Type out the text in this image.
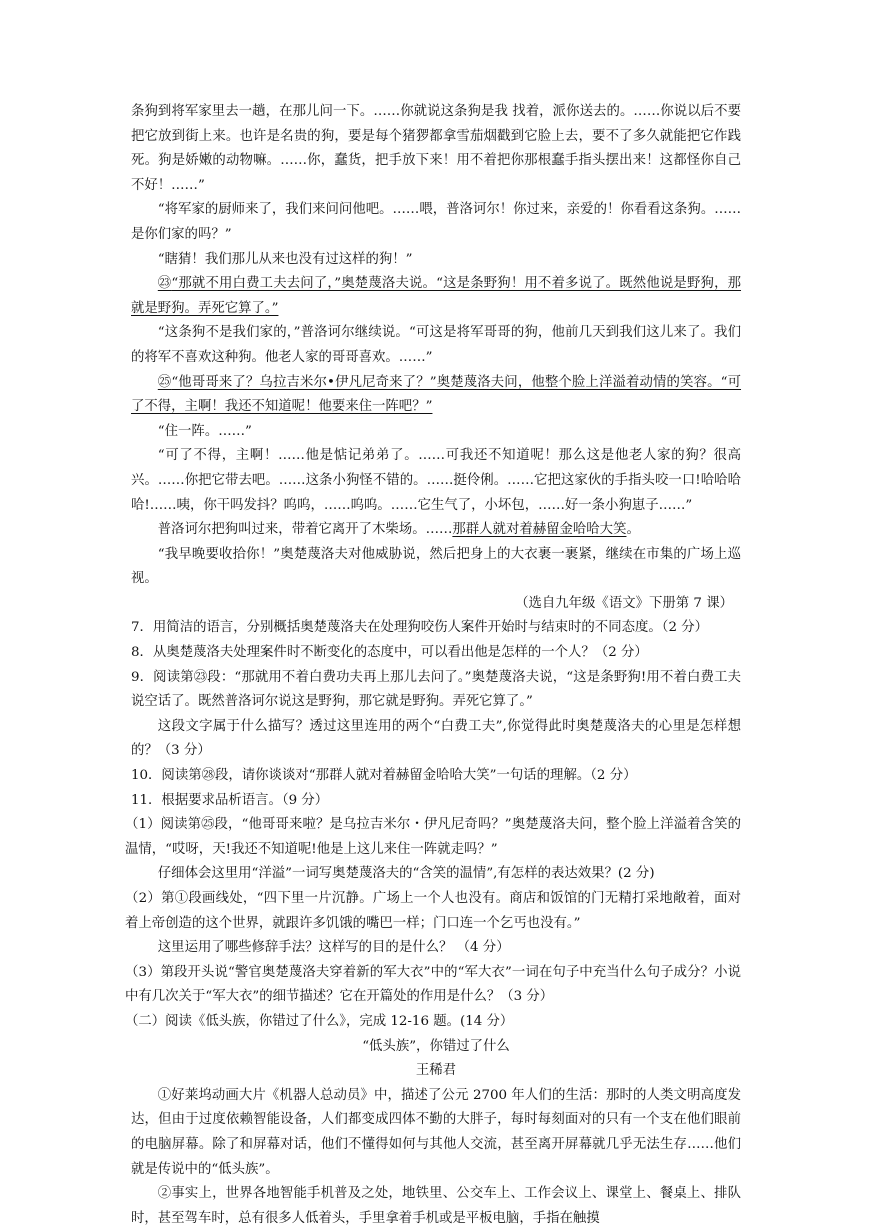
条狗到将军家里去一趟，在那儿问一下。……你就说这条狗是我 找着，派你送去的。……你说以后不要把它放到街上来。也许是名贵的狗，要是每个猪猡都拿雪茄烟戳到它脸上去，要不了多久就能把它作践死。狗是娇嫩的动物嘛。……你，蠢货，把手放下来！用不着把你那根蠢手指头摆出来！这都怪你自己不好！……”

“将军家的厨师来了，我们来问问他吧。……喂，普洛诃尔！你过来，亲爱的！你看看这条狗。……是你们家的吗？”

“瞎猜！我们那儿从来也没有过这样的狗！”

㉓“那就不用白费工夫去问了，”奥楚蔑洛夫说。“这是条野狗！用不着多说了。既然他说是野狗，那就是野狗。弄死它算了。”

“这条狗不是我们家的，”普洛诃尔继续说。“可这是将军哥哥的狗，他前几天到我们这儿来了。我们的将军不喜欢这种狗。他老人家的哥哥喜欢。……”

㉕“他哥哥来了？乌拉吉米尔•伊凡尼奇来了？”奥楚蔑洛夫问，他整个脸上洋溢着动情的笑容。“可了不得，主啊！我还不知道呢！他要来住一阵吧？”

“住一阵。……”

“可了不得，主啊！……他是惦记弟弟了。……可我还不知道呢！那么这是他老人家的狗？很高兴。……你把它带去吧。……这条小狗怪不错的。……挺伶俐。……它把这家伙的手指头咬一口!哈哈哈哈!……咦，你干吗发抖？呜呜，……呜呜。……它生气了，小坏包，……好一条小狗崽子……”

普洛诃尔把狗叫过来，带着它离开了木柴场。……那群人就对着赫留金哈哈大笑。

“我早晚要收拾你！”奥楚蔑洛夫对他威胁说，然后把身上的大衣裹一裹紧，继续在市集的广场上巡视。

（选自九年级《语文》下册第 7 课）

7．用简洁的语言，分别概括奥楚蔑洛夫在处理狗咬伤人案件开始时与结束时的不同态度。（2 分）

8．从奥楚蔑洛夫处理案件时不断变化的态度中，可以看出他是怎样的一个人？（2 分）

9．阅读第㉓段：“那就用不着白费功夫再上那儿去问了。”奥楚蔑洛夫说，“这是条野狗!用不着白费工夫说空话了。既然普洛诃尔说这是野狗，那它就是野狗。弄死它算了。”

这段文字属于什么描写？透过这里连用的两个“白费工夫”,你觉得此时奥楚蔑洛夫的心里是怎样想的？（3 分）

10．阅读第㉘段，请你谈谈对“那群人就对着赫留金哈哈大笑”一句话的理解。（2 分）

11．根据要求品析语言。（9 分）

（1）阅读第㉕段，“他哥哥来啦？是乌拉吉米尔・伊凡尼奇吗？”奥楚蔑洛夫问，整个脸上洋溢着含笑的温情，“哎呀，天!我还不知道呢!他是上这儿来住一阵就走吗？”

仔细体会这里用“洋溢”一词写奥楚蔑洛夫的“含笑的温情”,有怎样的表达效果？(2 分)

（2）第①段画线处，“四下里一片沉静。广场上一个人也没有。商店和饭馆的门无精打采地敞着，面对着上帝创造的这个世界，就跟许多饥饿的嘴巴一样；门口连一个乞丐也没有。”

这里运用了哪些修辞手法？这样写的目的是什么？ （4 分）

（3）第段开头说“警官奥楚蔑洛夫穿着新的军大衣”中的“军大衣”一词在句子中充当什么句子成分？小说中有几次关于“军大衣”的细节描述？它在开篇处的作用是什么？（3 分）

（二）阅读《低头族，你错过了什么》，完成 12-16 题。(14 分）

“低头族”，你错过了什么

王稀君

①好莱坞动画大片《机器人总动员》中，描述了公元 2700 年人们的生活：那时的人类文明高度发达，但由于过度依赖智能设备，人们都变成四体不勤的大胖子，每时每刻面对的只有一个支在他们眼前的电脑屏幕。除了和屏幕对话，他们不懂得如何与其他人交流，甚至离开屏幕就几乎无法生存……他们就是传说中的“低头族”。

②事实上，世界各地智能手机普及之处，地铁里、公交车上、工作会议上、课堂上、餐桌上、排队时，甚至驾车时，总有很多人低着头，手里拿着手机或是平板电脑，手指在触摸
